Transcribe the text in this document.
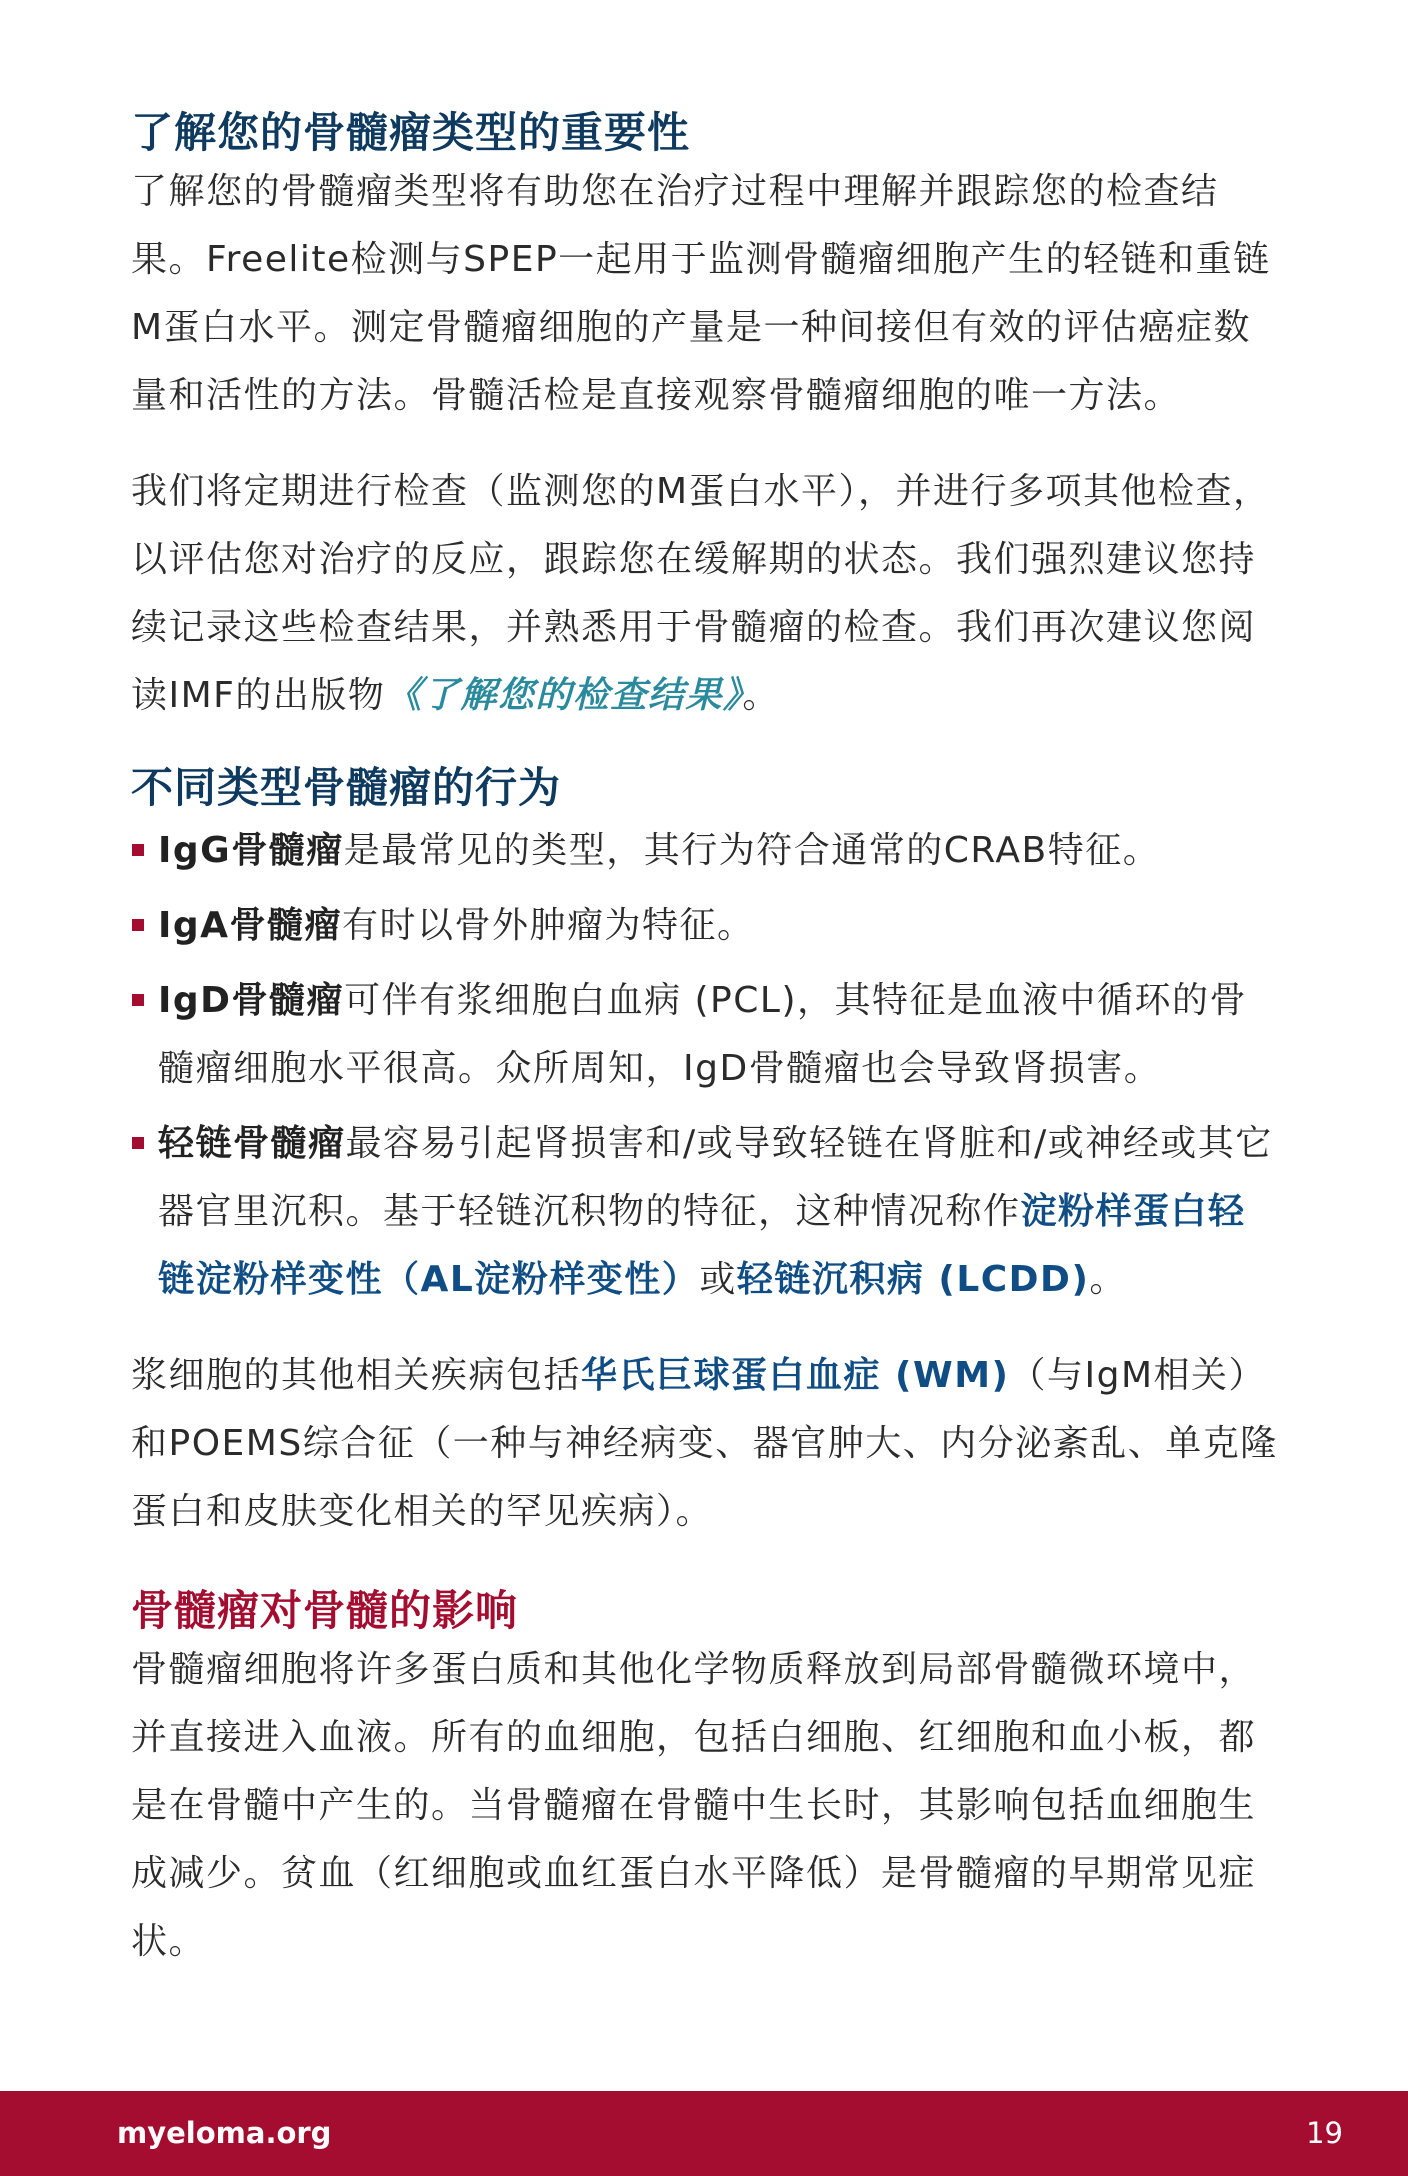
了解您的骨髓瘤类型的重要性

了解您的骨髓瘤类型将有助您在治疗过程中理解并跟踪您的检查结果。Freelite检测与SPEP一起用于监测骨髓瘤细胞产生的轻链和重链M蛋白水平。测定骨髓瘤细胞的产量是一种间接但有效的评估癌症数量和活性的方法。骨髓活检是直接观察骨髓瘤细胞的唯一方法。

我们将定期进行检查（监测您的M蛋白水平），并进行多项其他检查，以评估您对治疗的反应，跟踪您在缓解期的状态。我们强烈建议您持续记录这些检查结果，并熟悉用于骨髓瘤的检查。我们再次建议您阅读IMF的出版物《了解您的检查结果》。

不同类型骨髓瘤的行为
IgG骨髓瘤是最常见的类型，其行为符合通常的CRAB特征。
IgA骨髓瘤有时以骨外肿瘤为特征。
IgD骨髓瘤可伴有浆细胞白血病 (PCL)，其特征是血液中循环的骨髓瘤细胞水平很高。众所周知，IgD骨髓瘤也会导致肾损害。
轻链骨髓瘤最容易引起肾损害和/或导致轻链在肾脏和/或神经或其它器官里沉积。基于轻链沉积物的特征，这种情况称作淀粉样蛋白轻链淀粉样变性（AL淀粉样变性）或轻链沉积病 (LCDD)。

浆细胞的其他相关疾病包括华氏巨球蛋白血症 (WM)（与IgM相关）和POEMS综合征（一种与神经病变、器官肿大、内分泌紊乱、单克隆蛋白和皮肤变化相关的罕见疾病）。

骨髓瘤对骨髓的影响

骨髓瘤细胞将许多蛋白质和其他化学物质释放到局部骨髓微环境中，并直接进入血液。所有的血细胞，包括白细胞、红细胞和血小板，都是在骨髓中产生的。当骨髓瘤在骨髓中生长时，其影响包括血细胞生成减少。贫血（红细胞或血红蛋白水平降低）是骨髓瘤的早期常见症状。

myeloma.org	19
